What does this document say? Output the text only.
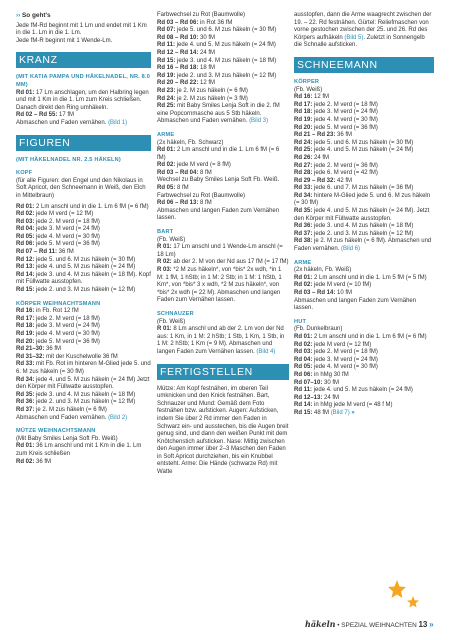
›› So geht's

Jede fM-Rd beginnt mit 1 Lm und endet mit 1 Km in die 1. Lm in die 1. Lm.

Jede fM-R beginnt mit 1 Wende-Lm.

KRANZ

(MIT KATIA PAMPA UND HÄKELNADEL, NR. 8.0 MM)

Rd 01: 17 Lm anschlagen, um den Halbring legen und mit 1 Km in die 1. Lm zum Kreis schließen. Danach direkt den Ring umhäkeln.

Rd 02 – Rd 55: 17 fM

Abmaschen und Faden vernähen. (Bild 1)

FIGUREN

(MIT HÄKELNADEL NR. 2.5 HÄKELN)

KOPF

(für alle Figuren: den Engel und den Nikolaus in Soft Apricot, den Schneemann in Weiß, den Elch in Mittelbraun)

Rd 01: 2 Lm anschl und in die 1. Lm 6 fM (= 6 fM)

Rd 02: jede M verd (= 12 fM)

Rd 03: jede 2. M verd (= 18 fM)

Rd 04: jede 3. M verd (= 24 fM)

Rd 05: jede 4. M verd (= 30 fM)

Rd 06: jede 5. M verd (= 36 fM)

Rd 07 – Rd 11: 36 fM

Rd 12: jede 5. und 6. M zus häkeln (= 30 fM)

Rd 13: jede 4. und 5. M zus häkeln (= 24 fM)

Rd 14: jede 3. und 4. M zus häkeln (= 18 fM). Kopf mit Füllwatte ausstopfen.

Rd 15: jede 2. und 3. M zus häkeln (= 12 fM)

KÖRPER WEIHNACHTSMANN

Rd 16: in Fb. Rot 12 fM

Rd 17: jede 2. M verd (= 18 fM)

Rd 18: jede 3. M verd (= 24 fM)

Rd 19: jede 4. M verd (= 30 fM)

Rd 20: jede 5. M verd (= 36 fM)

Rd 21–30: 36 fM

Rd 31–32: mit der Kuschelwolle 36 fM

Rd 33: mit Fb. Rot im hinteren M-Glied jede 5. und 6. M zus häkeln (= 30 fM)

Rd 34: jede 4. und 5. M zus häkeln (= 24 fM) Jetzt den Körper mit Füllwatte ausstopfen.

Rd 35: jede 3. und 4. M zus häkeln (= 18 fM)

Rd 36: jede 2. und 3. M zus häkeln (= 12 fM)

Rd 37: je 2. M zus häkeln (= 6 fM)

Abmaschen und Faden vernähen. (Bild 2)

MÜTZE WEIHNACHTSMANN

(Mit Baby Smiles Lenja Soft Fb. Weiß)

Rd 01: 36 Lm anschl und mit 1 Km in die 1. Lm zum Kreis schließen

Rd 02: 36 fM

Farbwechsel zu Rot (Baumwolle)

Rd 03 – Rd 06: in Rot 36 fM

Rd 07: jede 5. und 6. M zus häkeln (= 30 fM)

Rd 08 – Rd 10: 30 fM

Rd 11: jede 4. und 5. M zus häkeln (= 24 fM)

Rd 12 – Rd 14: 24 fM

Rd 15: jede 3. und 4. M zus häkeln (= 18 fM)

Rd 16 – Rd 18: 18 fM

Rd 19: jede 2. und 3. M zus häkeln (= 12 fM)

Rd 20 – Rd 22: 12 fM

Rd 23: je 2. M zus häkeln (= 6 fM)

Rd 24: je 2. M zus häkeln (= 3 fM)

Rd 25: mit Baby Smiles Lenja Soft in die 2. fM eine Popcornmasche aus 5 Stb häkeln. Abmaschen und Faden vernähen. (Bild 3)

ARME

(2x häkeln, Fb. Schwarz)

Rd 01: 2 Lm anschl und in die 1. Lm 6 fM (= 6 fM)

Rd 02: jede M verd (= 8 fM)

Rd 03 – Rd 04: 8 fM

Wechsel zu Baby Smiles Lenja Soft Fb. Weiß.

Rd 05: 8 fM

Farbwechsel zu Rot (Baumwolle)

Rd 06 – Rd 13: 8 fM

Abmaschen und langen Faden zum Vernähen lassen.

BART

(Fb. Weiß)

R 01: 17 Lm anschl und 1 Wende-Lm anschl (= 18 Lm)

R 02: ab der 2. M von der Nd aus 17 fM (= 17 fM)

R 03: *2 M zus häkeln*, von *bis* 2x wdh, *in 1 M: 1 fM, 1 hStb; in 1 M: 2 Stb; in 1 M: 1 hStb, 1 Km*, von *bis* 3 x wdh, *2 M zus häkeln*, von *bis* 2x wdh (= 22 M). Abmaschen und langen Faden zum Vernähen lassen.

SCHNAUZER

(Fb. Weiß)

R 01: 8 Lm anschl und ab der 2. Lm von der Nd aus: 1 Km, in 1 M: 2 hStb; 1 Stb, 1 Km, 1 Stb, in 1 M: 2 hStb; 1 Km (= 9 M). Abmaschen und langen Faden zum Vernähen lassen. (Bild 4)

FERTIGSTELLEN

Mütze: Am Kopf festnähen, im oberen Teil umknicken und den Knick festnähen. Bart, Schnauzer und Mund: Gemäß dem Foto festnähen bzw. aufsticken. Augen: Aufsticken, indem Sie über 2 Rd immer den Faden in Schwarz ein- und ausstechen, bis die Augen breit genug sind, und dann den weißen Punkt mit dem Knötchenstich aufsticken. Nase: Mittig zwischen den Augen immer über 2–3 Maschen den Faden in Soft Apricot durchziehen, bis ein Knubbel entsteht. Arme: Die Hände (schwarze Rd) mit Watte

ausstopfen, dann die Arme waagrecht zwischen der 19. – 22. Rd festnähen. Gürtel: Reliefmaschen von vorne gestochen zwischen der 25. und 26. Rd des Körpers aufhäkeln (Bild 5). Zuletzt in Sonnengelb die Schnalle aufsticken.

SCHNEEMANN

KÖRPER

(Fb. Weiß)

Rd 16: 12 fM

Rd 17: jede 2. M verd (= 18 fM)

Rd 18: jede 3. M verd (= 24 fM)

Rd 19: jede 4. M verd (= 30 fM)

Rd 20: jede 5. M verd (= 36 fM)

Rd 21 – Rd 23: 36 fM

Rd 24: jede 5. und 6. M zus häkeln (= 30 fM)

Rd 25: jede 4. und 5. M zus häkeln (= 24 fM)

Rd 26: 24 fM

Rd 27: jede 2. M verd (= 36 fM)

Rd 28: jede 6. M verd (= 42 fM)

Rd 29 – Rd 32: 42 fM

Rd 33: jede 6. und 7. M zus häkeln (= 36 fM)

Rd 34: hintere M-Glied jede 5. und 6. M zus häkeln (= 30 fM)

Rd 35: jede 4. und 5. M zus häkeln (= 24 fM). Jetzt den Körper mit Füllwatte ausstopfen.

Rd 36: jede 3. und 4. M zus häkeln (= 18 fM)

Rd 37: jede 2. und 3. M zus häkeln (= 12 fM)

Rd 38: je 2. M zus häkeln (= 6 fM). Abmaschen und Faden vernähen. (Bild 6)

ARME

(2x häkeln, Fb. Weiß)

Rd 01: 2 Lm anschl und in die 1. Lm 5 fM (= 5 fM)

Rd 02: jede M verd (= 10 fM)

Rd 03 – Rd 14: 10 fM

Abmaschen und langen Faden zum Vernähen lassen.

HUT

(Fb. Dunkelbraun)

Rd 01: 2 Lm anschl und in die 1. Lm 6 fM (= 6 fM)

Rd 02: jede M verd (= 12 fM)

Rd 03: jede 2. M verd (= 18 fM)

Rd 04: jede 3. M verd (= 24 fM)

Rd 05: jede 4. M verd (= 30 fM)

Rd 06: in hMg 30 fM

Rd 07–10: 30 fM

Rd 11: jede 4. und 5. M zus häkeln (= 24 fM)

Rd 12–13: 24 fM

Rd 14: in hMg jede M verd (= 48 f M)

Rd 15: 48 fM (Bild 7) »

häkeln • SPEZIAL WEIHNACHTEN 13 »
